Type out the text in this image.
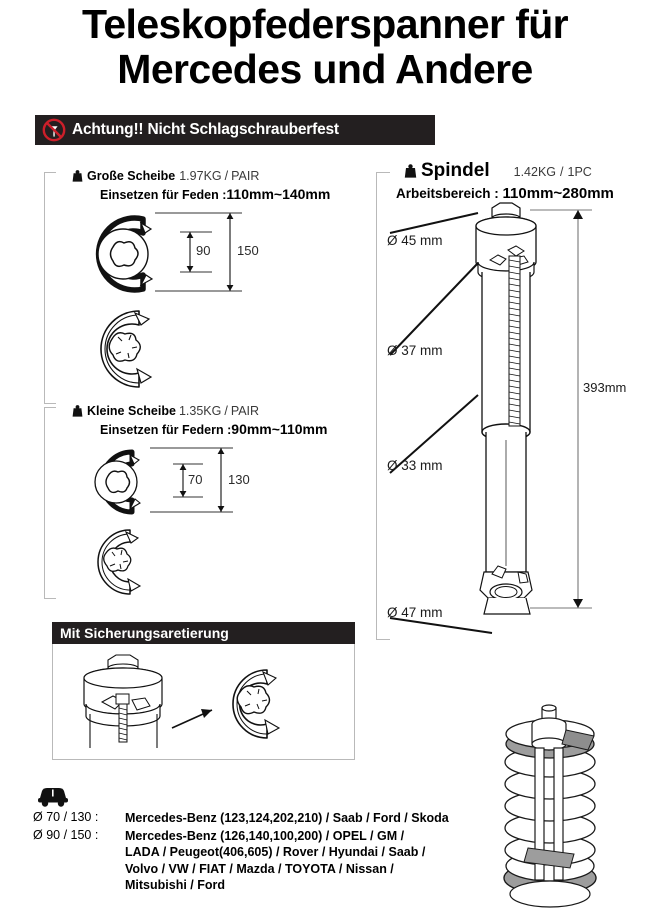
Teleskopfederspanner für
Mercedes und Andere
Achtung!! Nicht Schlagschrauberfest
Große Scheibe 1.97KG / PAIR
Einsetzen für Feden :110mm~140mm
90 150
Kleine Scheibe 1.35KG / PAIR
Einsetzen für Federn :90mm~110mm
70 130
Spindel 1.42KG / 1PC
Arbeitsbereich : 110mm~280mm
Ø 45 mm
Ø 37 mm
Ø 33 mm
Ø 47 mm
393mm
Mit Sicherungsaretierung
Ø 70 / 130 :	Mercedes-Benz (123,124,202,210) / Saab / Ford / Skoda
Ø 90 / 150 :	Mercedes-Benz (126,140,100,200) / OPEL / GM /
LADA / Peugeot(406,605) / Rover / Hyundai / Saab /
Volvo / VW / FIAT / Mazda / TOYOTA / Nissan /
Mitsubishi / Ford
